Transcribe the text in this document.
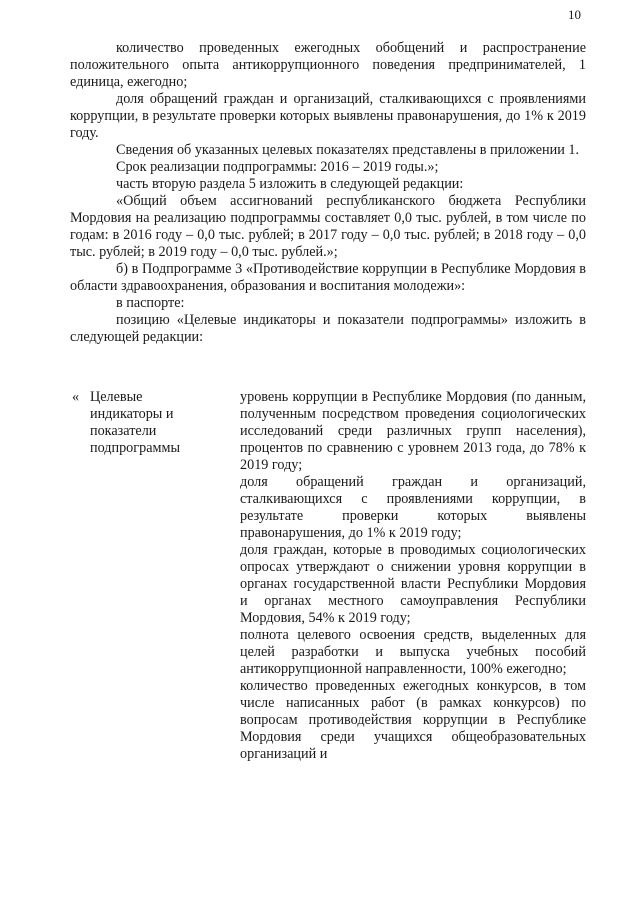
10

количество проведенных ежегодных обобщений и распространение положительного опыта антикоррупционного поведения предпринимателей, 1 единица, ежегодно;

доля обращений граждан и организаций, сталкивающихся с проявлениями коррупции, в результате проверки которых выявлены правонарушения, до 1% к 2019 году.

Сведения об указанных целевых показателях представлены в приложении 1.

Срок реализации подпрограммы: 2016 – 2019 годы.»;

часть вторую раздела 5 изложить в следующей редакции:

«Общий объем ассигнований республиканского бюджета Республики Мордовия на реализацию подпрограммы составляет 0,0 тыс. рублей, в том числе по годам: в 2016 году – 0,0 тыс. рублей; в 2017 году – 0,0 тыс. рублей; в 2018 году – 0,0 тыс. рублей; в 2019 году – 0,0 тыс. рублей.»;

б) в Подпрограмме 3 «Противодействие коррупции в Республике Мордовия в области здравоохранения, образования и воспитания молодежи»:

в паспорте:

позицию «Целевые индикаторы и показатели подпрограммы» изложить в следующей редакции:

« Целевые
индикаторы и
показатели
подпрограммы

уровень коррупции в Республике Мордовия (по данным, полученным посредством проведения социологических исследований среди различных групп населения), процентов по сравнению с уровнем 2013 года, до 78% к 2019 году;

доля обращений граждан и организаций, сталкивающихся с проявлениями коррупции, в результате проверки которых выявлены правонарушения, до 1% к 2019 году;

доля граждан, которые в проводимых социологических опросах утверждают о снижении уровня коррупции в органах государственной власти Республики Мордовия и органах местного самоуправления Республики Мордовия, 54% к 2019 году;

полнота целевого освоения средств, выделенных для целей разработки и выпуска учебных пособий антикоррупционной направленности, 100% ежегодно;

количество проведенных ежегодных конкурсов, в том числе написанных работ (в рамках конкурсов) по вопросам противодействия коррупции в Республике Мордовия среди учащихся общеобразовательных организаций и
